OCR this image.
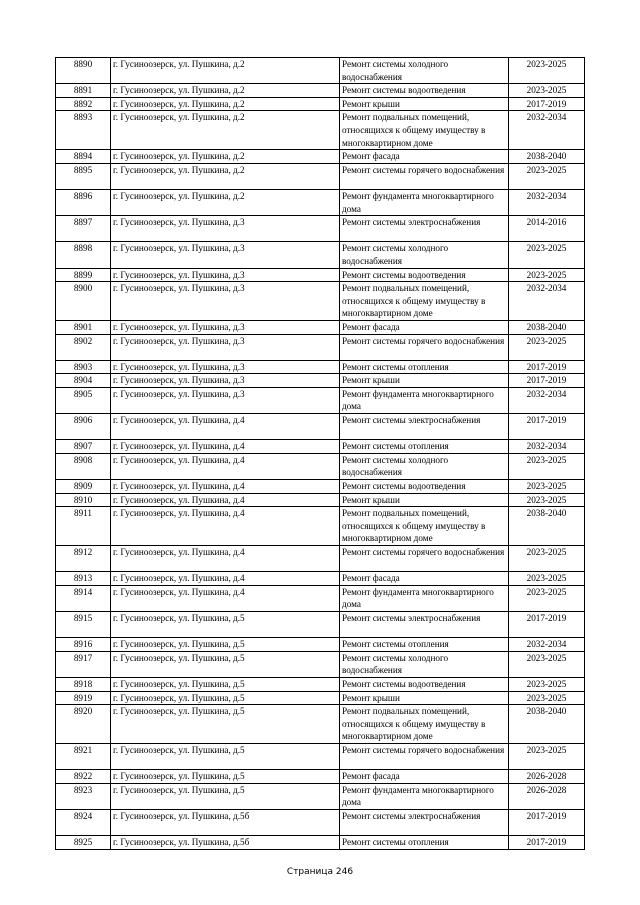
8890	г. Гусиноозерск, ул. Пушкина, д.2	Ремонт системы холодного водоснабжения	2023-2025
8891	г. Гусиноозерск, ул. Пушкина, д.2	Ремонт системы водоотведения	2023-2025
8892	г. Гусиноозерск, ул. Пушкина, д.2	Ремонт крыши	2017-2019
8893	г. Гусиноозерск, ул. Пушкина, д.2	Ремонт подвальных помещений, относящихся к общему имуществу в многоквартирном доме	2032-2034
8894	г. Гусиноозерск, ул. Пушкина, д.2	Ремонт фасада	2038-2040
8895	г. Гусиноозерск, ул. Пушкина, д.2	Ремонт системы горячего водоснабжения	2023-2025
8896	г. Гусиноозерск, ул. Пушкина, д.2	Ремонт фундамента многоквартирного дома	2032-2034
8897	г. Гусиноозерск, ул. Пушкина, д.3	Ремонт системы электроснабжения	2014-2016
8898	г. Гусиноозерск, ул. Пушкина, д.3	Ремонт системы холодного водоснабжения	2023-2025
8899	г. Гусиноозерск, ул. Пушкина, д.3	Ремонт системы водоотведения	2023-2025
8900	г. Гусиноозерск, ул. Пушкина, д.3	Ремонт подвальных помещений, относящихся к общему имуществу в многоквартирном доме	2032-2034
8901	г. Гусиноозерск, ул. Пушкина, д.3	Ремонт фасада	2038-2040
8902	г. Гусиноозерск, ул. Пушкина, д.3	Ремонт системы горячего водоснабжения	2023-2025
8903	г. Гусиноозерск, ул. Пушкина, д.3	Ремонт системы отопления	2017-2019
8904	г. Гусиноозерск, ул. Пушкина, д.3	Ремонт крыши	2017-2019
8905	г. Гусиноозерск, ул. Пушкина, д.3	Ремонт фундамента многоквартирного дома	2032-2034
8906	г. Гусиноозерск, ул. Пушкина, д.4	Ремонт системы электроснабжения	2017-2019
8907	г. Гусиноозерск, ул. Пушкина, д.4	Ремонт системы отопления	2032-2034
8908	г. Гусиноозерск, ул. Пушкина, д.4	Ремонт системы холодного водоснабжения	2023-2025
8909	г. Гусиноозерск, ул. Пушкина, д.4	Ремонт системы водоотведения	2023-2025
8910	г. Гусиноозерск, ул. Пушкина, д.4	Ремонт крыши	2023-2025
8911	г. Гусиноозерск, ул. Пушкина, д.4	Ремонт подвальных помещений, относящихся к общему имуществу в многоквартирном доме	2038-2040
8912	г. Гусиноозерск, ул. Пушкина, д.4	Ремонт системы горячего водоснабжения	2023-2025
8913	г. Гусиноозерск, ул. Пушкина, д.4	Ремонт фасада	2023-2025
8914	г. Гусиноозерск, ул. Пушкина, д.4	Ремонт фундамента многоквартирного дома	2023-2025
8915	г. Гусиноозерск, ул. Пушкина, д.5	Ремонт системы электроснабжения	2017-2019
8916	г. Гусиноозерск, ул. Пушкина, д.5	Ремонт системы отопления	2032-2034
8917	г. Гусиноозерск, ул. Пушкина, д.5	Ремонт системы холодного водоснабжения	2023-2025
8918	г. Гусиноозерск, ул. Пушкина, д.5	Ремонт системы водоотведения	2023-2025
8919	г. Гусиноозерск, ул. Пушкина, д.5	Ремонт крыши	2023-2025
8920	г. Гусиноозерск, ул. Пушкина, д.5	Ремонт подвальных помещений, относящихся к общему имуществу в многоквартирном доме	2038-2040
8921	г. Гусиноозерск, ул. Пушкина, д.5	Ремонт системы горячего водоснабжения	2023-2025
8922	г. Гусиноозерск, ул. Пушкина, д.5	Ремонт фасада	2026-2028
8923	г. Гусиноозерск, ул. Пушкина, д.5	Ремонт фундамента многоквартирного дома	2026-2028
8924	г. Гусиноозерск, ул. Пушкина, д.5б	Ремонт системы электроснабжения	2017-2019
8925	г. Гусиноозерск, ул. Пушкина, д.5б	Ремонт системы отопления	2017-2019
Страница 246
